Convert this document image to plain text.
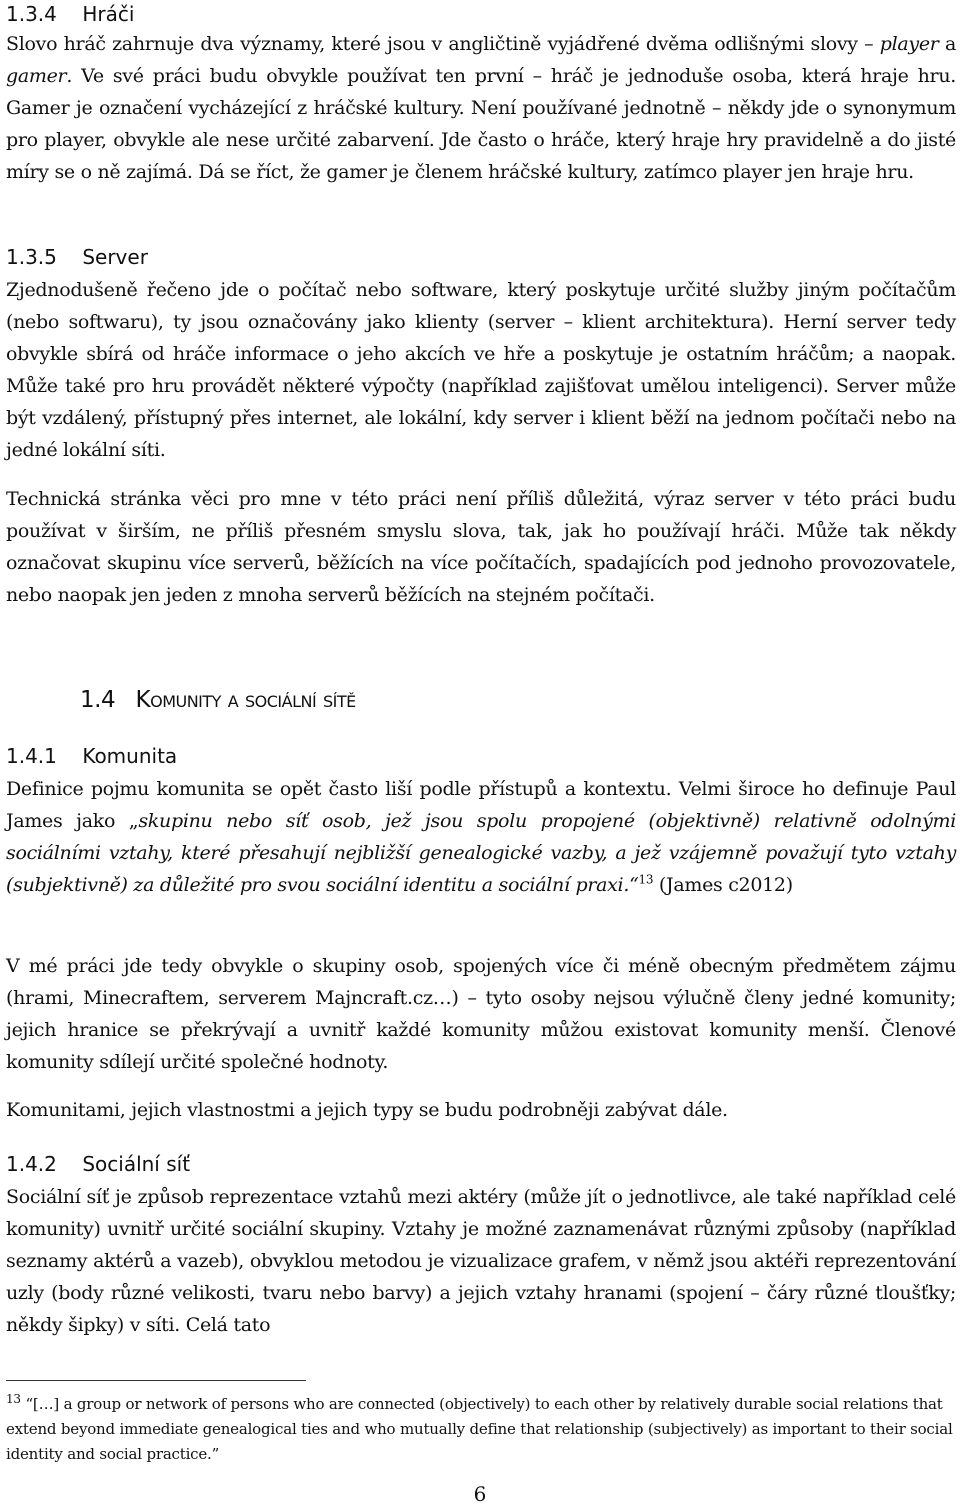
1.3.4 Hráči

Slovo hráč zahrnuje dva významy, které jsou v angličtině vyjádřené dvěma odlišnými slovy – player a gamer. Ve své práci budu obvykle používat ten první – hráč je jednoduše osoba, která hraje hru. Gamer je označení vycházející z hráčské kultury. Není používané jednotně – někdy jde o synonymum pro player, obvykle ale nese určité zabarvení. Jde často o hráče, který hraje hry pravidelně a do jisté míry se o ně zajímá. Dá se říct, že gamer je členem hráčské kultury, zatímco player jen hraje hru.

1.3.5 Server

Zjednodušeně řečeno jde o počítač nebo software, který poskytuje určité služby jiným počítačům (nebo softwaru), ty jsou označovány jako klienty (server – klient architektura). Herní server tedy obvykle sbírá od hráče informace o jeho akcích ve hře a poskytuje je ostatním hráčům; a naopak. Může také pro hru provádět některé výpočty (například zajišťovat umělou inteligenci). Server může být vzdálený, přístupný přes internet, ale lokální, kdy server i klient běží na jednom počítači nebo na jedné lokální síti.

Technická stránka věci pro mne v této práci není příliš důležitá, výraz server v této práci budu používat v širším, ne příliš přesném smyslu slova, tak, jak ho používají hráči. Může tak někdy označovat skupinu více serverů, běžících na více počítačích, spadajících pod jednoho provozovatele, nebo naopak jen jeden z mnoha serverů běžících na stejném počítači.

1.4 Komunity a sociální sítě
1.4.1 Komunita

Definice pojmu komunita se opět často liší podle přístupů a kontextu. Velmi široce ho definuje Paul James jako „skupinu nebo síť osob, jež jsou spolu propojené (objektivně) relativně odolnými sociálními vztahy, které přesahují nejbližší genealogické vazby, a jež vzájemně považují tyto vztahy (subjektivně) za důležité pro svou sociální identitu a sociální praxi.“$^{13}$ (James c2012)

V mé práci jde tedy obvykle o skupiny osob, spojených více či méně obecným předmětem zájmu (hrami, Minecraftem, serverem Majncraft.cz…) – tyto osoby nejsou výlučně členy jedné komunity; jejich hranice se překrývají a uvnitř každé komunity můžou existovat komunity menší. Členové komunity sdílejí určité společné hodnoty.

Komunitami, jejich vlastnostmi a jejich typy se budu podrobněji zabývat dále.

1.4.2 Sociální síť

Sociální síť je způsob reprezentace vztahů mezi aktéry (může jít o jednotlivce, ale také například celé komunity) uvnitř určité sociální skupiny. Vztahy je možné zaznamenávat různými způsoby (například seznamy aktérů a vazeb), obvyklou metodou je vizualizace grafem, v němž jsou aktéři reprezentování uzly (body různé velikosti, tvaru nebo barvy) a jejich vztahy hranami (spojení – čáry různé tloušťky; někdy šipky) v síti. Celá tato

$^{13}$ “[…] a group or network of persons who are connected (objectively) to each other by relatively durable social relations that extend beyond immediate genealogical ties and who mutually define that relationship (subjectively) as important to their social identity and social practice.”

6
